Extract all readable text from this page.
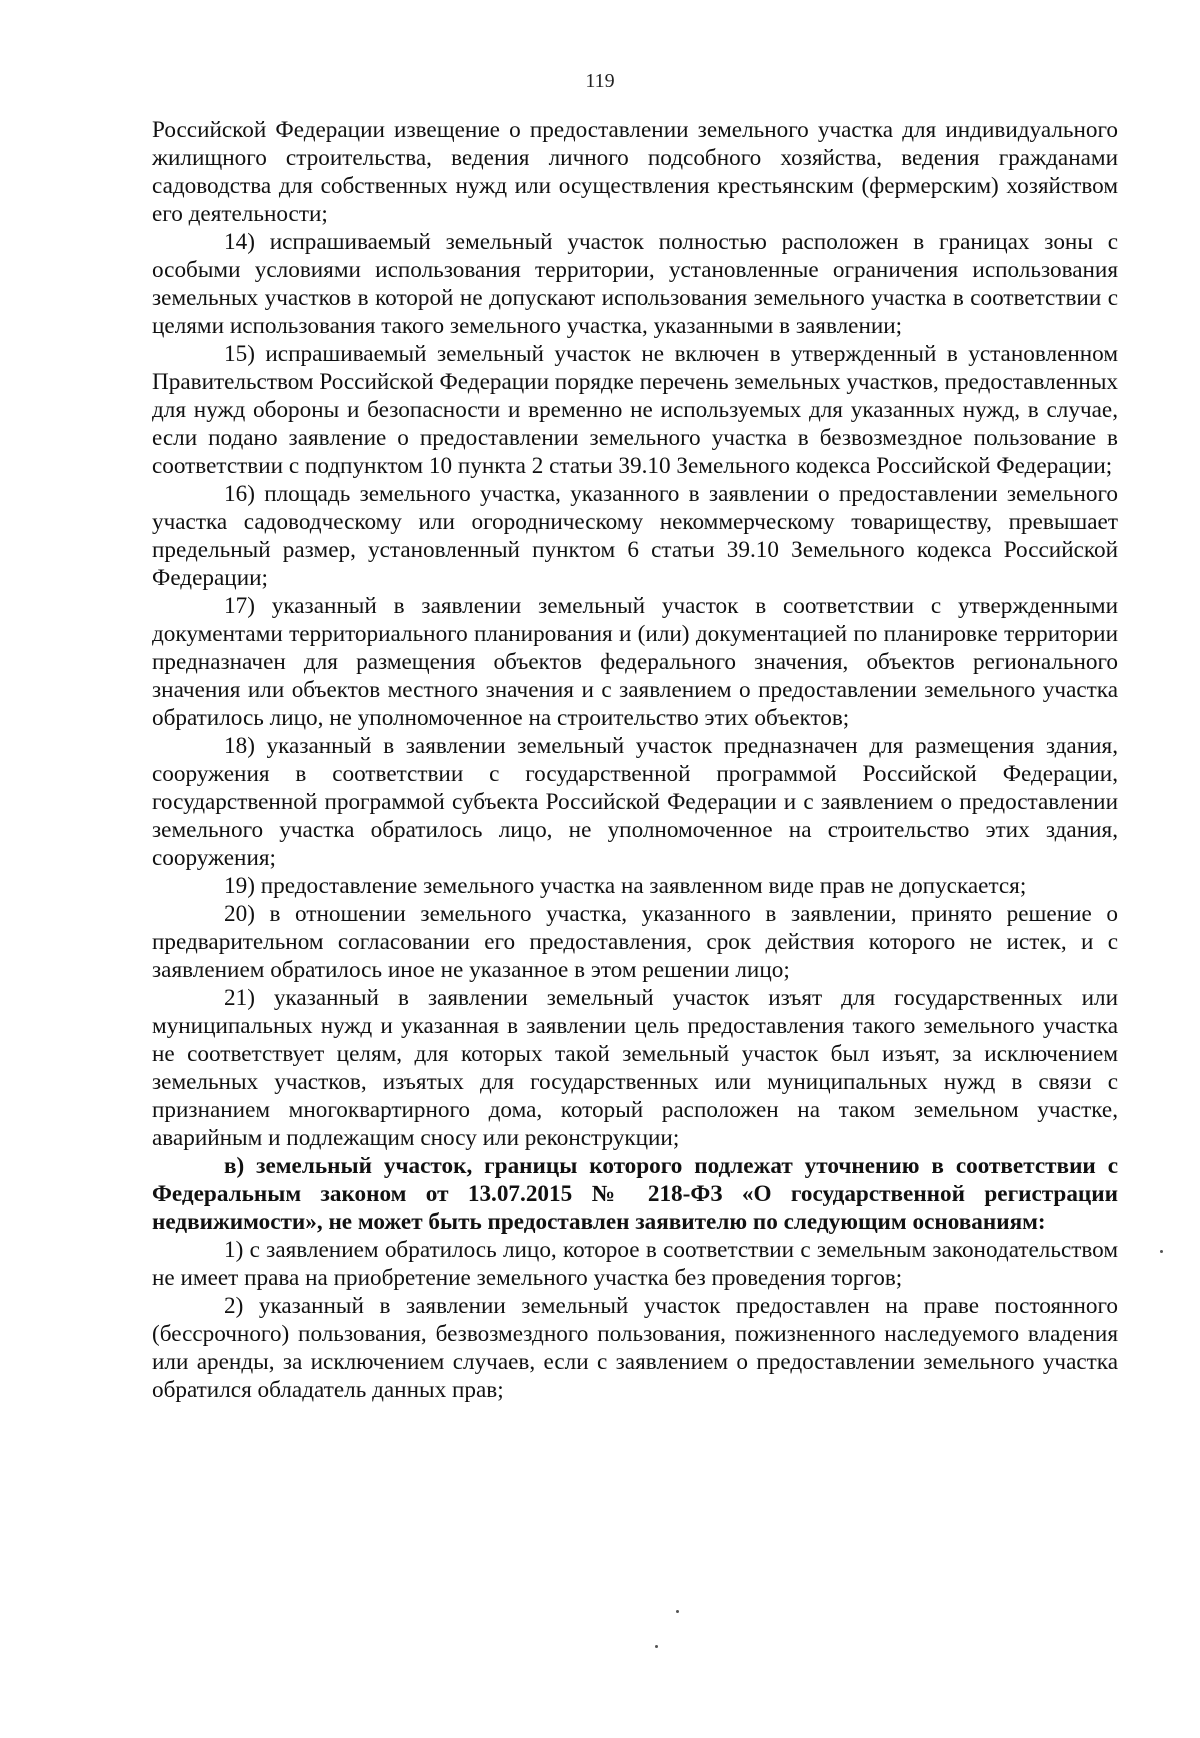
119

Российской Федерации извещение о предоставлении земельного участка для индивидуального жилищного строительства, ведения личного подсобного хозяйства, ведения гражданами садоводства для собственных нужд или осуществления крестьянским (фермерским) хозяйством его деятельности;

14) испрашиваемый земельный участок полностью расположен в границах зоны с особыми условиями использования территории, установленные ограничения использования земельных участков в которой не допускают использования земельного участка в соответствии с целями использования такого земельного участка, указанными в заявлении;

15) испрашиваемый земельный участок не включен в утвержденный в установленном Правительством Российской Федерации порядке перечень земельных участков, предоставленных для нужд обороны и безопасности и временно не используемых для указанных нужд, в случае, если подано заявление о предоставлении земельного участка в безвозмездное пользование в соответствии с подпунктом 10 пункта 2 статьи 39.10 Земельного кодекса Российской Федерации;

16) площадь земельного участка, указанного в заявлении о предоставлении земельного участка садоводческому или огородническому некоммерческому товариществу, превышает предельный размер, установленный пунктом 6 статьи 39.10 Земельного кодекса Российской Федерации;

17) указанный в заявлении земельный участок в соответствии с утвержденными документами территориального планирования и (или) документацией по планировке территории предназначен для размещения объектов федерального значения, объектов регионального значения или объектов местного значения и с заявлением о предоставлении земельного участка обратилось лицо, не уполномоченное на строительство этих объектов;

18) указанный в заявлении земельный участок предназначен для размещения здания, сооружения в соответствии с государственной программой Российской Федерации, государственной программой субъекта Российской Федерации и с заявлением о предоставлении земельного участка обратилось лицо, не уполномоченное на строительство этих здания, сооружения;

19) предоставление земельного участка на заявленном виде прав не допускается;

20) в отношении земельного участка, указанного в заявлении, принято решение о предварительном согласовании его предоставления, срок действия которого не истек, и с заявлением обратилось иное не указанное в этом решении лицо;

21) указанный в заявлении земельный участок изъят для государственных или муниципальных нужд и указанная в заявлении цель предоставления такого земельного участка не соответствует целям, для которых такой земельный участок был изъят, за исключением земельных участков, изъятых для государственных или муниципальных нужд в связи с признанием многоквартирного дома, который расположен на таком земельном участке, аварийным и подлежащим сносу или реконструкции;

в) земельный участок, границы которого подлежат уточнению в соответствии с Федеральным законом от 13.07.2015 № 218-ФЗ «О государственной регистрации недвижимости», не может быть предоставлен заявителю по следующим основаниям:

1) с заявлением обратилось лицо, которое в соответствии с земельным законодательством не имеет права на приобретение земельного участка без проведения торгов;

2) указанный в заявлении земельный участок предоставлен на праве постоянного (бессрочного) пользования, безвозмездного пользования, пожизненного наследуемого владения или аренды, за исключением случаев, если с заявлением о предоставлении земельного участка обратился обладатель данных прав;
